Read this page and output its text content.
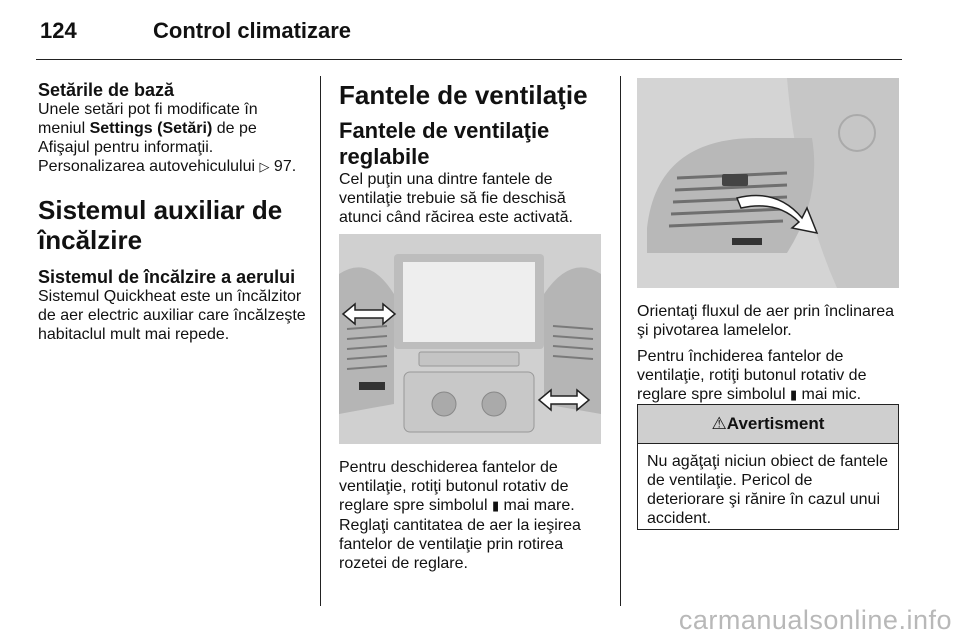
124	Control climatizare
Setările de bază

Unele setări pot fi modificate în
meniul Settings (Setări) de pe
Afişajul pentru informaţii.
Personalizarea autovehiculului ▷ 97.

Sistemul auxiliar de
încălzire
Sistemul de încălzire a aerului

Sistemul Quickheat este un încălzitor
de aer electric auxiliar care încălzeşte
habitaclul mult mai repede.

Fantele de ventilaţie
Fantele de ventilaţie
reglabile

Cel puţin una dintre fantele de
ventilaţie trebuie să fie deschisă
atunci când răcirea este activată.

Pentru deschiderea fantelor de
ventilaţie, rotiţi butonul rotativ de
reglare spre simbolul ▮ mai mare.
Reglaţi cantitatea de aer la ieşirea
fantelor de ventilaţie prin rotirea
rozetei de reglare.

Orientaţi fluxul de aer prin înclinarea
şi pivotarea lamelelor.

Pentru închiderea fantelor de
ventilaţie, rotiţi butonul rotativ de
reglare spre simbolul ▮ mai mic.

⚠Avertisment
Nu agăţaţi niciun obiect de fantele
de ventilaţie. Pericol de
deteriorare şi rănire în cazul unui
accident.
carmanualsonline.info
